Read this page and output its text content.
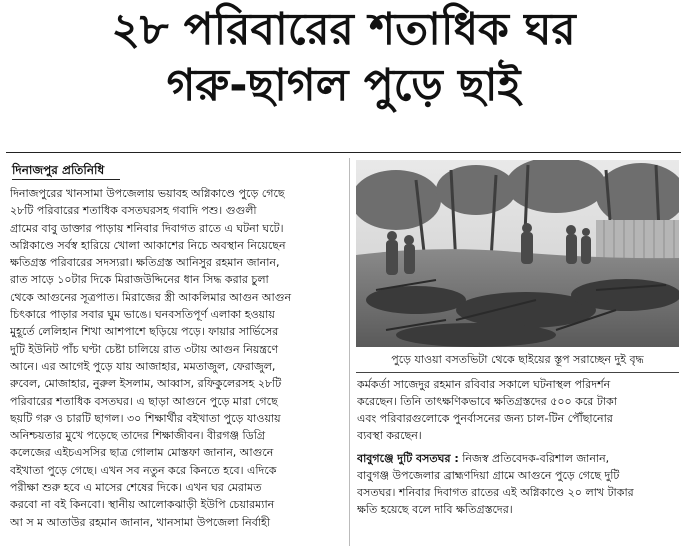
২৮ পরিবারের শতাধিক ঘর
গরু-ছাগল পুড়ে ছাই
দিনাজপুর প্রতিনিধি
দিনাজপুরের খানসামা উপজেলায় ভয়াবহ অগ্নিকাণ্ডে পুড়ে গেছে
২৮টি পরিবারের শতাধিক বসতঘরসহ গবাদি পশু। গুগুলী
গ্রামের বাবু ডাক্তার পাড়ায় শনিবার দিবাগত রাতে এ ঘটনা ঘটে।
অগ্নিকাণ্ডে সর্বস্ব হারিয়ে খোলা আকাশের নিচে অবস্থান নিয়েছেন
ক্ষতিগ্রস্ত পরিবারের সদস্যরা। ক্ষতিগ্রস্ত আনিসুর রহমান জানান,
রাত সাড়ে ১০টার দিকে মিরাজউদ্দিনের ধান সিদ্ধ করার চুলা
থেকে আগুনের সূত্রপাত। মিরাজের স্ত্রী আকলিমার আগুন আগুন
চিৎকারে পাড়ার সবার ঘুম ভাঙে। ঘনবসতিপূর্ণ এলাকা হওয়ায়
মুহূর্তে লেলিহান শিখা আশপাশে ছড়িয়ে পড়ে। ফায়ার সার্ভিসের
দুটি ইউনিট পাঁচ ঘণ্টা চেষ্টা চালিয়ে রাত ৩টায় আগুন নিয়ন্ত্রণে
আনে। এর আগেই পুড়ে যায় আজাহার, মমতাজুল, ফেরাজুল,
রুবেল, মোজাহার, নুরুল ইসলাম, আব্বাস, রফিকুলেরসহ ২৮টি
পরিবারের শতাধিক বসতঘর। এ ছাড়া আগুনে পুড়ে মারা গেছে
ছয়টি গরু ও চারটি ছাগল। ৩০ শিক্ষার্থীর বইখাতা পুড়ে যাওয়ায়
অনিশ্চয়তার মুখে পড়েছে তাদের শিক্ষাজীবন। বীরগঞ্জ ডিগ্রি
কলেজের এইচএসসির ছাত্র গোলাম মোস্তফা জানান, আগুনে
বইখাতা পুড়ে গেছে। এখন সব নতুন করে কিনতে হবে। এদিকে
পরীক্ষা শুরু হবে এ মাসের শেষের দিকে। এখন ঘর মেরামত
করবো না বই কিনবো। স্থানীয় আলোকঝাড়ী ইউপি চেয়ারম্যান
আ স ম আতাউর রহমান জানান, খানসামা উপজেলা নির্বাহী
পুড়ে যাওয়া বসতভিটা থেকে ছাইয়ের স্তূপ সরাচ্ছেন দুই বৃদ্ধ
কর্মকর্তা সাজেদুর রহমান রবিবার সকালে ঘটনাস্থল পরিদর্শন
করেছেন। তিনি তাৎক্ষণিকভাবে ক্ষতিগ্রস্তদের ৫০০ করে টাকা
এবং পরিবারগুলোকে পুনর্বাসনের জন্য চাল-টিন পৌঁছানোর
ব্যবস্থা করছেন।
বাবুগঞ্জে দুটি বসতঘর : নিজস্ব প্রতিবেদক-বরিশাল জানান,
বাবুগঞ্জ উপজেলার ব্রাহ্মণদিয়া গ্রামে আগুনে পুড়ে গেছে দুটি
বসতঘর। শনিবার দিবাগত রাতের এই অগ্নিকাণ্ডে ২০ লাখ টাকার
ক্ষতি হয়েছে বলে দাবি ক্ষতিগ্রস্তদের।
